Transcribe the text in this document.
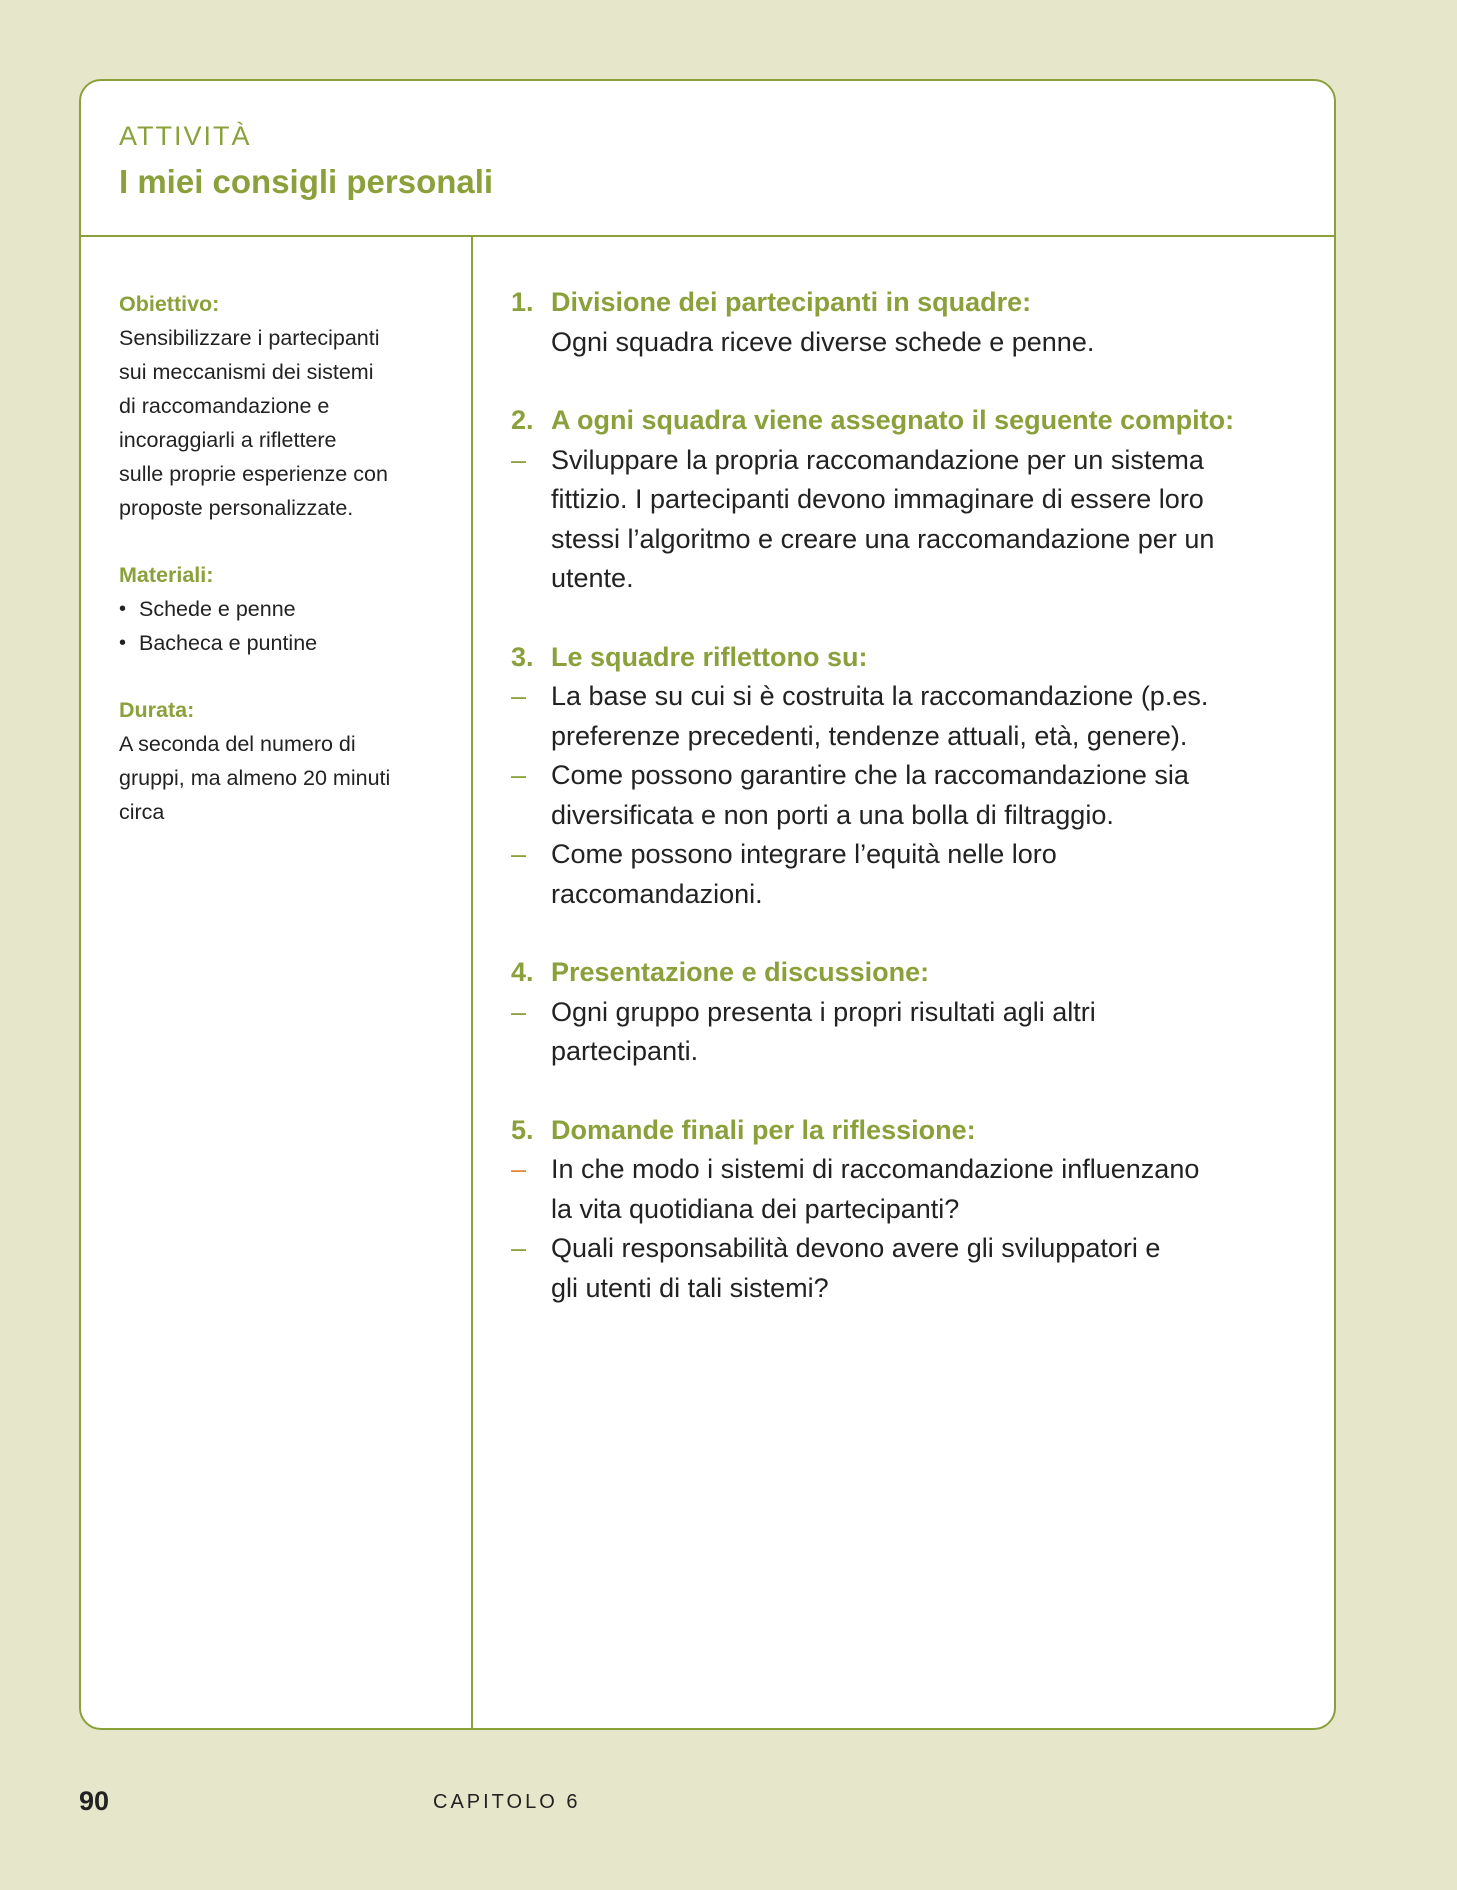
ATTIVITÀ
I miei consigli personali
Obiettivo:
Sensibilizzare i partecipanti
sui meccanismi dei sistemi
di raccomandazione e
incoraggiarli a riflettere
sulle proprie esperienze con
proposte personalizzate.
Materiali:
• Schede e penne
• Bacheca e puntine
Durata:
A seconda del numero di
gruppi, ma almeno 20 minuti
circa
1. Divisione dei partecipanti in squadre:
Ogni squadra riceve diverse schede e penne.
2. A ogni squadra viene assegnato il seguente compito:
– Sviluppare la propria raccomandazione per un sistema
fittizio. I partecipanti devono immaginare di essere loro
stessi l’algoritmo e creare una raccomandazione per un
utente.
3. Le squadre riflettono su:
– La base su cui si è costruita la raccomandazione (p.es.
preferenze precedenti, tendenze attuali, età, genere).
– Come possono garantire che la raccomandazione sia
diversificata e non porti a una bolla di filtraggio.
– Come possono integrare l’equità nelle loro
raccomandazioni.
4. Presentazione e discussione:
– Ogni gruppo presenta i propri risultati agli altri
partecipanti.
5. Domande finali per la riflessione:
– In che modo i sistemi di raccomandazione influenzano
la vita quotidiana dei partecipanti?
– Quali responsabilità devono avere gli sviluppatori e
gli utenti di tali sistemi?
90	CAPITOLO 6
